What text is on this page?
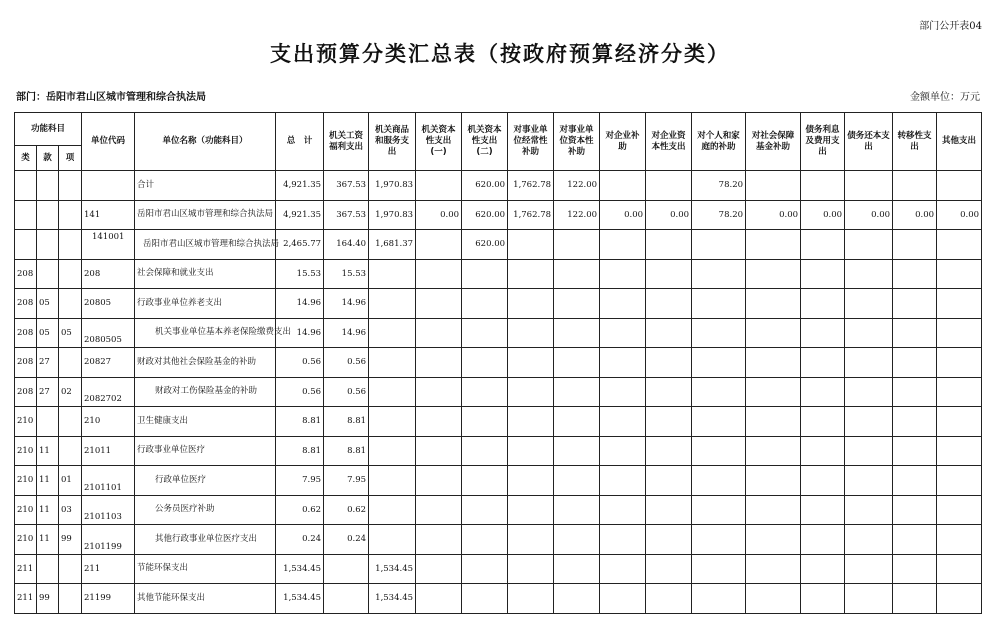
部门公开表04
支出预算分类汇总表（按政府预算经济分类）
部门：岳阳市君山区城市管理和综合执法局	金额单位：万元
功能科目			单位代码	单位名称（功能科目）	总　计	机关工资福利支出	机关商品和服务支出	机关资本性支出(一)	机关资本性支出(二)	对事业单位经常性补助	对事业单位资本性补助	对企业补助	对企业资本性支出	对个人和家庭的补助	对社会保障基金补助	债务利息及费用支出	债务还本支出	转移性支出	其他支出
类	款	项																	
				合计	4,921.35	367.53	1,970.83		620.00	1,762.78	122.00			78.20					
			141	岳阳市君山区城市管理和综合执法局	4,921.35	367.53	1,970.83	0.00	620.00	1,762.78	122.00	0.00	0.00	78.20	0.00	0.00	0.00	0.00	0.00
			141001	岳阳市君山区城市管理和综合执法局	2,465.77	164.40	1,681.37		620.00										
208			208	社会保障和就业支出	15.53	15.53													
208	05		20805	行政事业单位养老支出	14.96	14.96													
208	05	05	2080505	机关事业单位基本养老保险缴费支出	14.96	14.96													
208	27		20827	财政对其他社会保险基金的补助	0.56	0.56													
208	27	02	2082702	财政对工伤保险基金的补助	0.56	0.56													
210			210	卫生健康支出	8.81	8.81													
210	11		21011	行政事业单位医疗	8.81	8.81													
210	11	01	2101101	行政单位医疗	7.95	7.95													
210	11	03	2101103	公务员医疗补助	0.62	0.62													
210	11	99	2101199	其他行政事业单位医疗支出	0.24	0.24													
211			211	节能环保支出	1,534.45		1,534.45												
211	99		21199	其他节能环保支出	1,534.45		1,534.45												
